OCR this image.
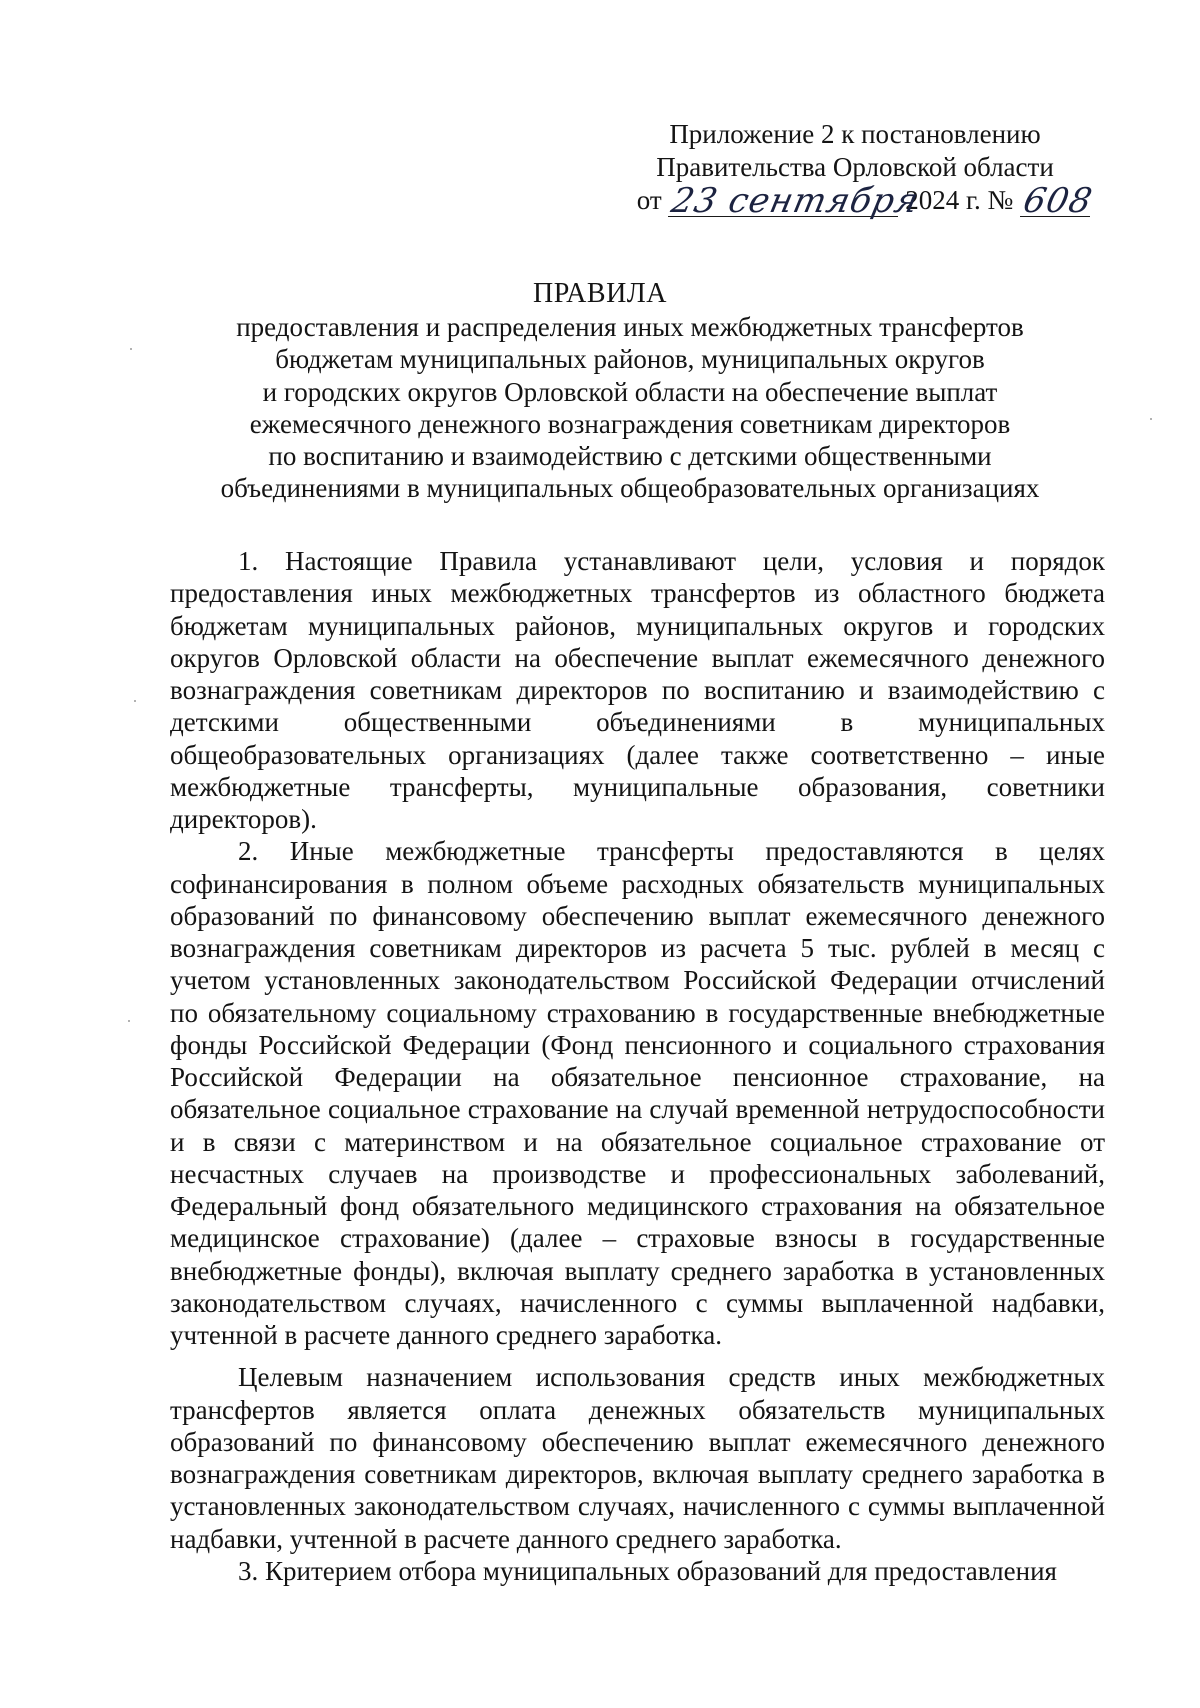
Приложение 2 к постановлению
Правительства Орловской области
от 23 сентября
2024 г. № 608
ПРАВИЛА
предоставления и распределения иных межбюджетных трансфертов
бюджетам муниципальных районов, муниципальных округов
и городских округов Орловской области на обеспечение выплат
ежемесячного денежного вознаграждения советникам директоров
по воспитанию и взаимодействию с детскими общественными
объединениями в муниципальных общеобразовательных организациях

1. Настоящие Правила устанавливают цели, условия и порядок предоставления иных межбюджетных трансфертов из областного бюджета бюджетам муниципальных районов, муниципальных округов и городских округов Орловской области на обеспечение выплат ежемесячного денежного вознаграждения советникам директоров по воспитанию и взаимодействию с детскими общественными объединениями в муниципальных общеобразовательных организациях (далее также соответственно – иные межбюджетные трансферты, муниципальные образования, советники директоров).

2. Иные межбюджетные трансферты предоставляются в целях софинансирования в полном объеме расходных обязательств муниципальных образований по финансовому обеспечению выплат ежемесячного денежного вознаграждения советникам директоров из расчета 5 тыс. рублей в месяц с учетом установленных законодательством Российской Федерации отчислений по обязательному социальному страхованию в государственные внебюджетные фонды Российской Федерации (Фонд пенсионного и социального страхования Российской Федерации на обязательное пенсионное страхование, на обязательное социальное страхование на случай временной нетрудоспособности и в связи с материнством и на обязательное социальное страхование от несчастных случаев на производстве и профессиональных заболеваний, Федеральный фонд обязательного медицинского страхования на обязательное медицинское страхование) (далее – страховые взносы в государственные внебюджетные фонды), включая выплату среднего заработка в установленных законодательством случаях, начисленного с суммы выплаченной надбавки, учтенной в расчете данного среднего заработка.

Целевым назначением использования средств иных межбюджетных трансфертов является оплата денежных обязательств муниципальных образований по финансовому обеспечению выплат ежемесячного денежного вознаграждения советникам директоров, включая выплату среднего заработка в установленных законодательством случаях, начисленного с суммы выплаченной надбавки, учтенной в расчете данного среднего заработка.

3. Критерием отбора муниципальных образований для предоставления
